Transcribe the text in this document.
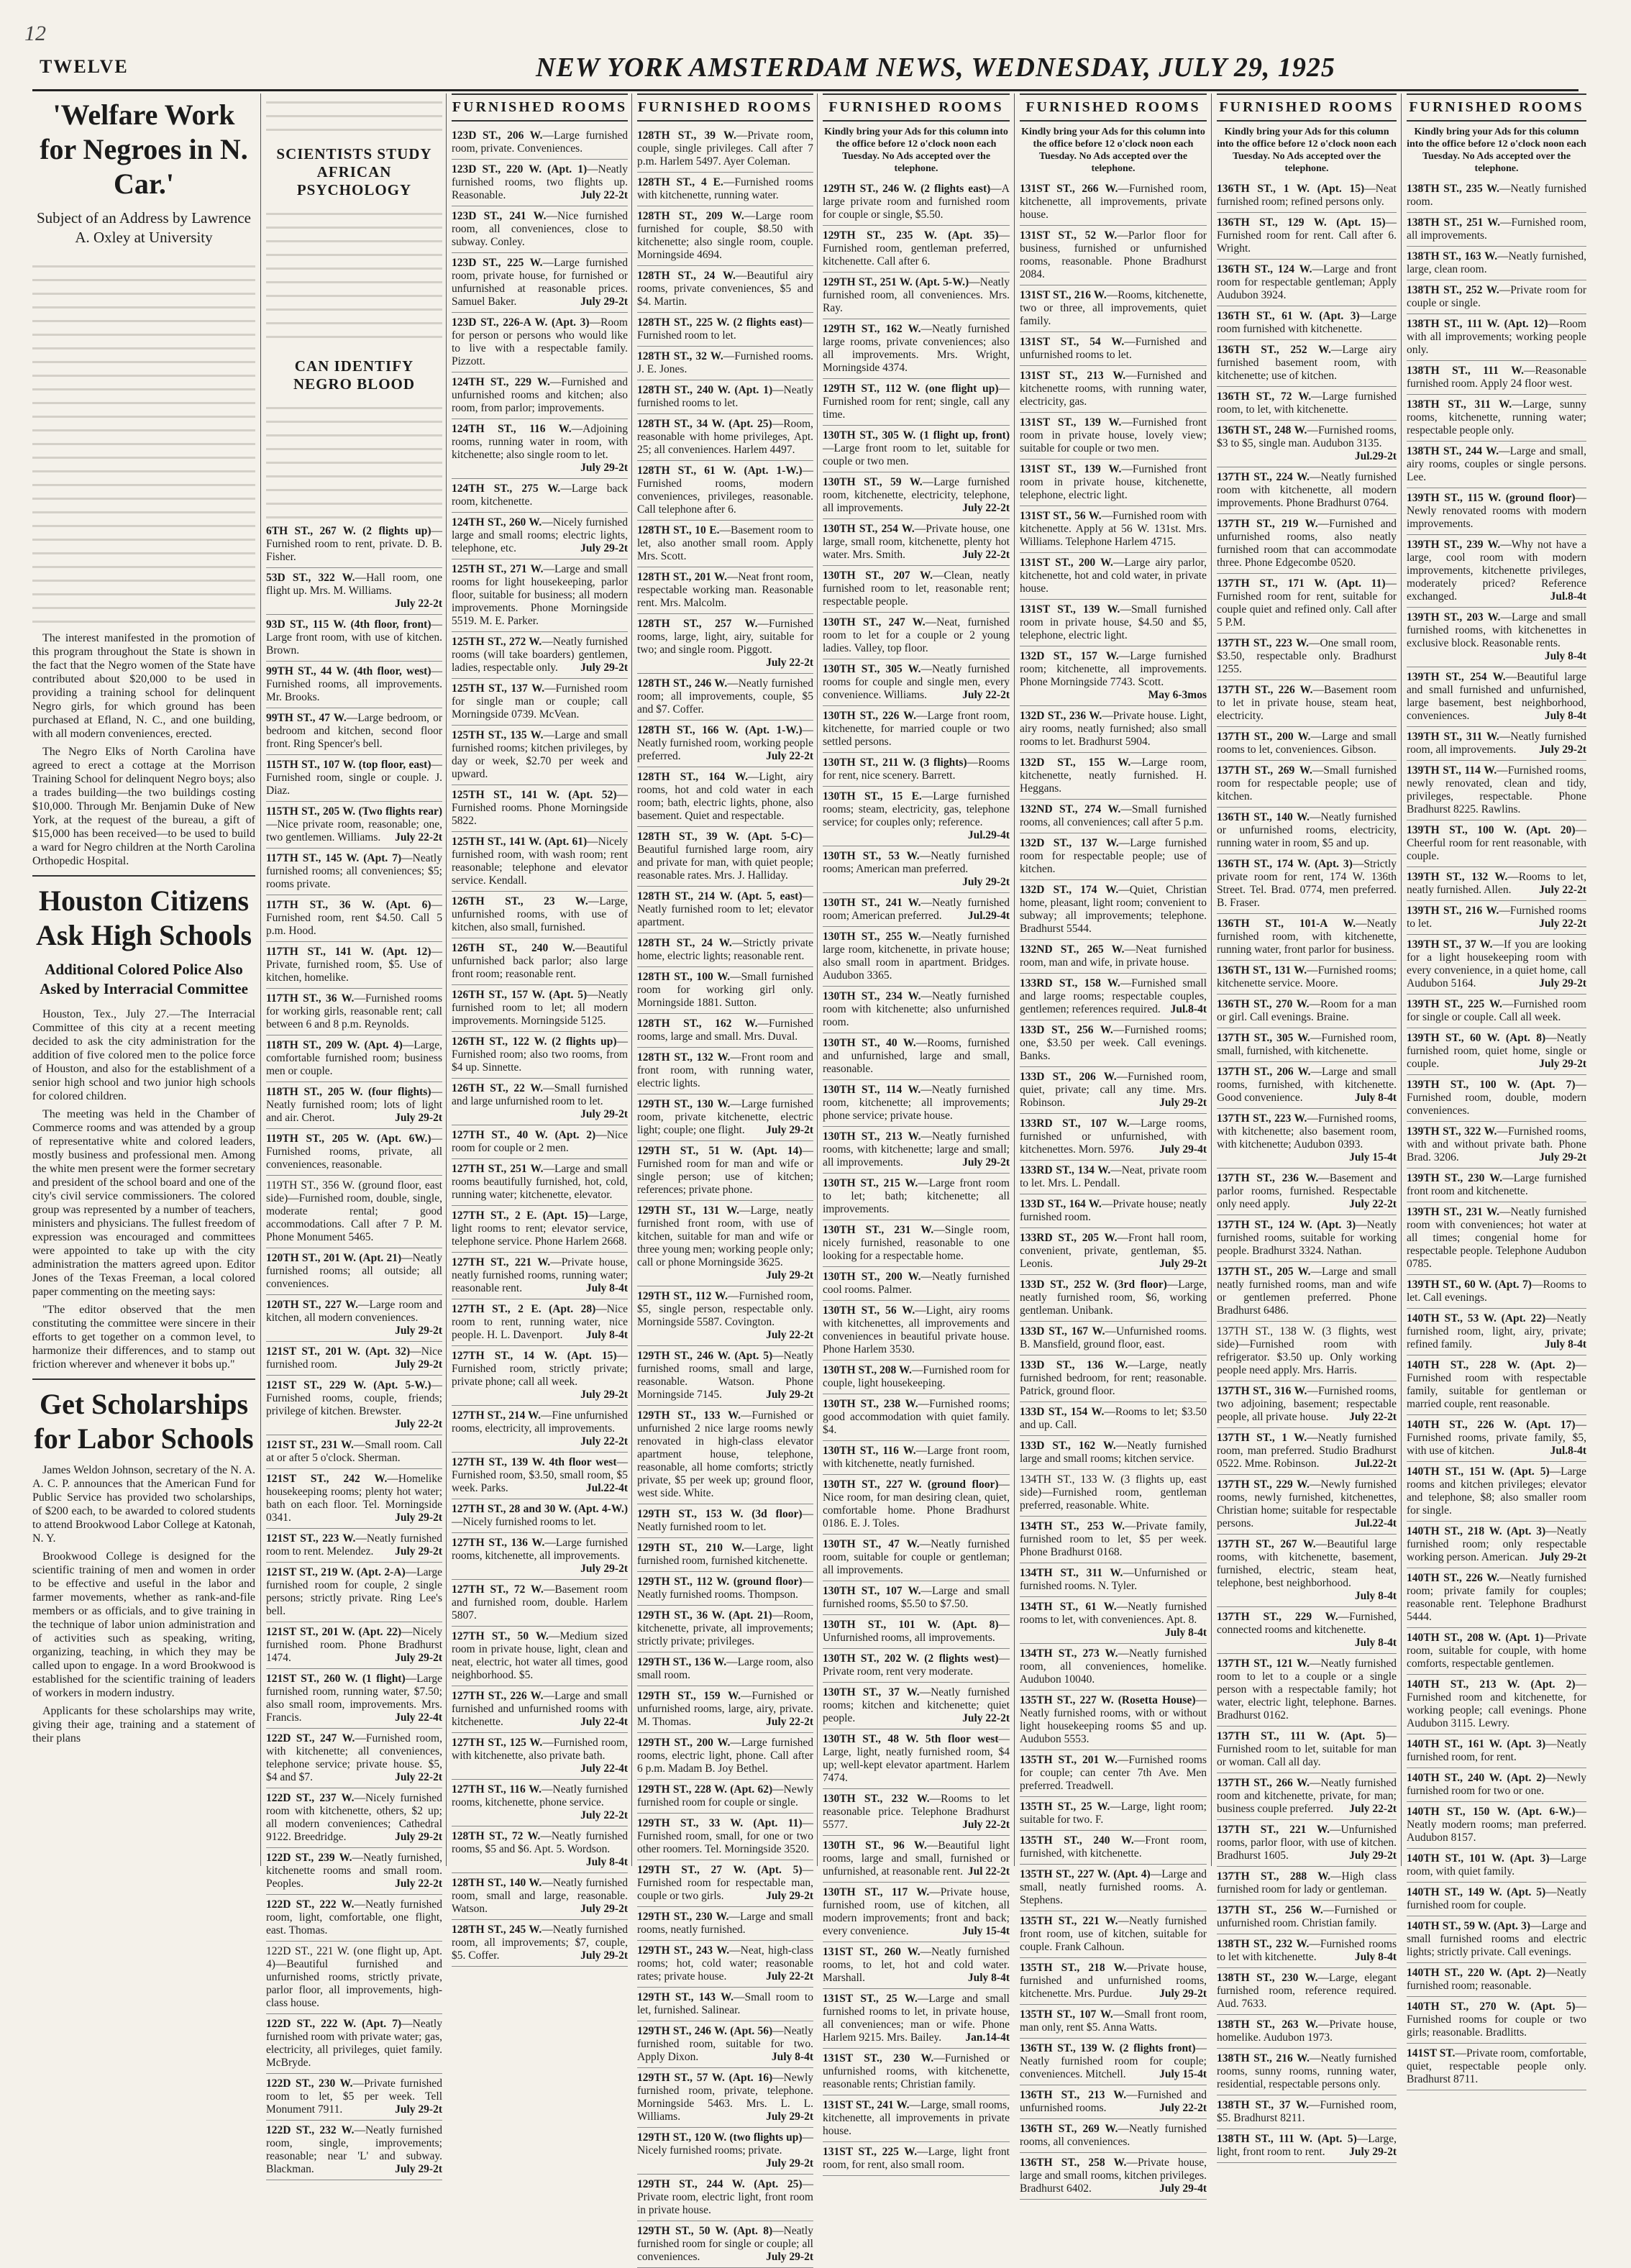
12
TWELVE	NEW YORK AMSTERDAM NEWS, WEDNESDAY, JULY 29, 1925
'Welfare Work for Negroes in N. Car.'
Subject of an Address by Lawrence A. Oxley at University

The interest manifested in the promotion of this program throughout the State is shown in the fact that the Negro women of the State have contributed about $20,000 to be used in providing a training school for delinquent Negro girls, for which ground has been purchased at Efland, N. C., and one building, with all modern conveniences, erected.

The Negro Elks of North Carolina have agreed to erect a cottage at the Morrison Training School for delinquent Negro boys; also a trades building—the two buildings costing $10,000. Through Mr. Benjamin Duke of New York, at the request of the bureau, a gift of $15,000 has been received—to be used to build a ward for Negro children at the North Carolina Orthopedic Hospital.

Houston Citizens Ask High Schools
Additional Colored Police Also Asked by Interracial Committee

Houston, Tex., July 27.—The Interracial Committee of this city at a recent meeting decided to ask the city administration for the addition of five colored men to the police force of Houston, and also for the establishment of a senior high school and two junior high schools for colored children.

The meeting was held in the Chamber of Commerce rooms and was attended by a group of representative white and colored leaders, mostly business and professional men. Among the white men present were the former secretary and president of the school board and one of the city's civil service commissioners. The colored group was represented by a number of teachers, ministers and physicians. The fullest freedom of expression was encouraged and committees were appointed to take up with the city administration the matters agreed upon. Editor Jones of the Texas Freeman, a local colored paper commenting on the meeting says:

"The editor observed that the men constituting the committee were sincere in their efforts to get together on a common level, to harmonize their differences, and to stamp out friction wherever and whenever it bobs up."

Get Scholarships for Labor Schools

James Weldon Johnson, secretary of the N. A. A. C. P. announces that the American Fund for Public Service has provided two scholarships, of $200 each, to be awarded to colored students to attend Brookwood Labor College at Katonah, N. Y.

Brookwood College is designed for the scientific training of men and women in order to be effective and useful in the labor and farmer movements, whether as rank-and-file members or as officials, and to give training in the technique of labor union administration and of activities such as speaking, writing, organizing, teaching, in which they may be called upon to engage. In a word Brookwood is established for the scientific training of leaders of workers in modern industry.

Applicants for these scholarships may write, giving their age, training and a statement of their plans

SCIENTISTS STUDY AFRICAN PSYCHOLOGY
CAN IDENTIFY NEGRO BLOOD
6TH ST., 267 W. (2 flights up)—Furnished room to rent, private. D. B. Fisher.
53D ST., 322 W.—Hall room, one flight up. Mrs. M. Williams.
July 22-2t
93D ST., 115 W. (4th floor, front)—Large front room, with use of kitchen. Brown.
99TH ST., 44 W. (4th floor, west)—Furnished rooms, all improvements. Mr. Brooks.
99TH ST., 47 W.—Large bedroom, or bedroom and kitchen, second floor front. Ring Spencer's bell.
115TH ST., 107 W. (top floor, east)—Furnished room, single or couple. J. Diaz.
115TH ST., 205 W. (Two flights rear)—Nice private room, reasonable; one, two gentlemen. Williams. July 22-2t
117TH ST., 145 W. (Apt. 7)—Neatly furnished rooms; all conveniences; $5; rooms private.
117TH ST., 36 W. (Apt. 6)—Furnished room, rent $4.50. Call 5 p.m. Hood.
117TH ST., 141 W. (Apt. 12)—Private, furnished room, $5. Use of kitchen, homelike.
117TH ST., 36 W.—Furnished rooms for working girls, reasonable rent; call between 6 and 8 p.m. Reynolds.
118TH ST., 209 W. (Apt. 4)—Large, comfortable furnished room; business men or couple.
118TH ST., 205 W. (four flights)—Neatly furnished room; lots of light and air. Cherot.	July 29-2t
119TH ST., 205 W. (Apt. 6W.)—Furnished rooms, private, all conveniences, reasonable.
119TH ST., 356 W. (ground floor, east side)—Furnished room, double, single, moderate rental; good accommodations. Call after 7 P. M. Phone Monument 5465.
120TH ST., 201 W. (Apt. 21)—Neatly furnished rooms; all outside; all conveniences.
120TH ST., 227 W.—Large room and kitchen, all modern conveniences.
July 29-2t
121ST ST., 201 W. (Apt. 32)—Nice furnished room.	July 29-2t
121ST ST., 229 W. (Apt. 5-W.)—Furnished rooms, couple, friends; privilege of kitchen. Brewster.
July 22-2t
121ST ST., 231 W.—Small room. Call at or after 5 o'clock. Sherman.
121ST ST., 242 W.—Homelike housekeeping rooms; plenty hot water; bath on each floor. Tel. Morningside 0341.	July 29-2t
121ST ST., 223 W.—Neatly furnished room to rent. Melendez. July 29-2t
121ST ST., 219 W. (Apt. 2-A)—Large furnished room for couple, 2 single persons; strictly private. Ring Lee's bell.
121ST ST., 201 W. (Apt. 22)—Nicely furnished room. Phone Bradhurst 1474.	July 29-2t
121ST ST., 260 W. (1 flight)—Large furnished room, running water, $7.50; also small room, improvements. Mrs. Francis.	July 22-4t
122D ST., 247 W.—Furnished room, with kitchenette; all conveniences, telephone service; private house. $5, $4 and $7.	July 22-2t
122D ST., 237 W.—Nicely furnished room with kitchenette, others, $2 up; all modern conveniences; Cathedral 9122. Breedridge.	July 29-2t
122D ST., 239 W.—Neatly furnished, kitchenette rooms and small room. Peoples.	July 22-2t
122D ST., 222 W.—Neatly furnished room, light, comfortable, one flight, east. Thomas.
122D ST., 221 W. (one flight up, Apt. 4)—Beautiful furnished and unfurnished rooms, strictly private, parlor floor, all improvements, high-class house.
122D ST., 222 W. (Apt. 7)—Neatly furnished room with private water; gas, electricity, all privileges, quiet family. McBryde.
122D ST., 230 W.—Private furnished room to let, $5 per week. Tell Monument 7911.	July 29-2t
122D ST., 232 W.—Neatly furnished room, single, improvements; reasonable; near 'L' and subway. Blackman.	July 29-2t
FURNISHED ROOMS
123D ST., 206 W.—Large furnished room, private. Conveniences.
123D ST., 220 W. (Apt. 1)—Neatly furnished rooms, two flights up. Reasonable.	July 22-2t
123D ST., 241 W.—Nice furnished room, all conveniences, close to subway. Conley.
123D ST., 225 W.—Large furnished room, private house, for furnished or unfurnished at reasonable prices. Samuel Baker.	July 29-2t
123D ST., 226-A W. (Apt. 3)—Room for person or persons who would like to live with a respectable family. Pizzott.
124TH ST., 229 W.—Furnished and unfurnished rooms and kitchen; also room, from parlor; improvements.
124TH ST., 116 W.—Adjoining rooms, running water in room, with kitchenette; also single room to let.
July 29-2t
124TH ST., 275 W.—Large back room, kitchenette.
124TH ST., 260 W.—Nicely furnished large and small rooms; electric lights, telephone, etc.	July 29-2t
125TH ST., 271 W.—Large and small rooms for light housekeeping, parlor floor, suitable for business; all modern improvements. Phone Morningside 5519. M. E. Parker.
125TH ST., 272 W.—Neatly furnished rooms (will take boarders) gentlemen, ladies, respectable only. July 29-2t
125TH ST., 137 W.—Furnished room for single man or couple; call Morningside 0739. McVean.
125TH ST., 135 W.—Large and small furnished rooms; kitchen privileges, by day or week, $2.70 per week and upward.
125TH ST., 141 W. (Apt. 52)—Furnished rooms. Phone Morningside 5822.
125TH ST., 141 W. (Apt. 61)—Nicely furnished room, with wash room; rent reasonable; telephone and elevator service. Kendall.
126TH ST., 23 W.—Large, unfurnished rooms, with use of kitchen, also small, furnished.
126TH ST., 240 W.—Beautiful unfurnished back parlor; also large front room; reasonable rent.
126TH ST., 157 W. (Apt. 5)—Neatly furnished room to let; all modern improvements. Morningside 5125.
126TH ST., 122 W. (2 flights up)—Furnished room; also two rooms, from $4 up. Sinnette.
126TH ST., 22 W.—Small furnished and large unfurnished room to let.
July 29-2t
127TH ST., 40 W. (Apt. 2)—Nice room for couple or 2 men.
127TH ST., 251 W.—Large and small rooms beautifully furnished, hot, cold, running water; kitchenette, elevator.
127TH ST., 2 E. (Apt. 15)—Large, light rooms to rent; elevator service, telephone service. Phone Harlem 2668.
127TH ST., 221 W.—Private house, neatly furnished rooms, running water; reasonable rent.	July 8-4t
127TH ST., 2 E. (Apt. 28)—Nice room to rent, running water, nice people. H. L. Davenport. July 8-4t
127TH ST., 14 W. (Apt. 15)—Furnished room, strictly private; private phone; call all week.
July 29-2t
127TH ST., 214 W.—Fine unfurnished rooms, electricity, all improvements.
July 22-2t
127TH ST., 139 W. 4th floor west—Furnished room, $3.50, small room, $5 week. Parks.	Jul.22-4t
127TH ST., 28 and 30 W. (Apt. 4-W.)—Nicely furnished rooms to let.
127TH ST., 136 W.—Large furnished rooms, kitchenette, all improvements.
July 29-2t
127TH ST., 72 W.—Basement room and furnished room, double. Harlem 5807.
127TH ST., 50 W.—Medium sized room in private house, light, clean and neat, electric, hot water all times, good neighborhood. $5.
127TH ST., 226 W.—Large and small furnished and unfurnished rooms with kitchenette.	July 22-4t
127TH ST., 125 W.—Furnished room, with kitchenette, also private bath.
July 22-4t
127TH ST., 116 W.—Neatly furnished rooms, kitchenette, phone service.
July 22-2t
128TH ST., 72 W.—Neatly furnished rooms, $5 and $6. Apt. 5. Wordson.
July 8-4t
128TH ST., 140 W.—Neatly furnished room, small and large, reasonable. Watson.	July 29-2t
128TH ST., 245 W.—Neatly furnished room, all improvements; $7, couple, $5. Coffer.	July 29-2t
FURNISHED ROOMS
128TH ST., 39 W.—Private room, couple, single privileges. Call after 7 p.m. Harlem 5497. Ayer Coleman.
128TH ST., 4 E.—Furnished rooms with kitchenette, running water.
128TH ST., 209 W.—Large room furnished for couple, $8.50 with kitchenette; also single room, couple. Morningside 4694.
128TH ST., 24 W.—Beautiful airy rooms, private conveniences, $5 and $4. Martin.
128TH ST., 225 W. (2 flights east)—Furnished room to let.
128TH ST., 32 W.—Furnished rooms. J. E. Jones.
128TH ST., 240 W. (Apt. 1)—Neatly furnished rooms to let.
128TH ST., 34 W. (Apt. 25)—Room, reasonable with home privileges, Apt. 25; all conveniences. Harlem 4497.
128TH ST., 61 W. (Apt. 1-W.)—Furnished rooms, modern conveniences, privileges, reasonable. Call telephone after 6.
128TH ST., 10 E.—Basement room to let, also another small room. Apply Mrs. Scott.
128TH ST., 201 W.—Neat front room, respectable working man. Reasonable rent. Mrs. Malcolm.
128TH ST., 257 W.—Furnished rooms, large, light, airy, suitable for two; and single room. Piggott.
July 22-2t
128TH ST., 246 W.—Neatly furnished room; all improvements, couple, $5 and $7. Coffer.
128TH ST., 166 W. (Apt. 1-W.)—Neatly furnished room, working people preferred.	July 22-2t
128TH ST., 164 W.—Light, airy rooms, hot and cold water in each room; bath, electric lights, phone, also basement. Quiet and respectable.
128TH ST., 39 W. (Apt. 5-C)—Beautiful furnished large room, airy and private for man, with quiet people; reasonable rates. Mrs. J. Halliday.
128TH ST., 214 W. (Apt. 5, east)—Neatly furnished room to let; elevator apartment.
128TH ST., 24 W.—Strictly private home, electric lights; reasonable rent.
128TH ST., 100 W.—Small furnished room for working girl only. Morningside 1881. Sutton.
128TH ST., 162 W.—Furnished rooms, large and small. Mrs. Duval.
128TH ST., 132 W.—Front room and front room, with running water, electric lights.
129TH ST., 130 W.—Large furnished room, private kitchenette, electric light; couple; one flight. July 29-2t
129TH ST., 51 W. (Apt. 14)—Furnished room for man and wife or single person; use of kitchen; references; private phone.
129TH ST., 131 W.—Large, neatly furnished front room, with use of kitchen, suitable for man and wife or three young men; working people only; call or phone Morningside 3625.
July 29-2t
129TH ST., 112 W.—Furnished room, $5, single person, respectable only. Morningside 5587. Covington.
July 22-2t
129TH ST., 246 W. (Apt. 5)—Neatly furnished rooms, small and large, reasonable. Watson. Phone Morningside 7145.	July 29-2t
129TH ST., 133 W.—Furnished or unfurnished 2 nice large rooms newly renovated in high-class elevator apartment house, telephone, reasonable, all home comforts; strictly private, $5 per week up; ground floor, west side. White.
129TH ST., 153 W. (3d floor)—Neatly furnished room to let.
129TH ST., 210 W.—Large, light furnished room, furnished kitchenette.
129TH ST., 112 W. (ground floor)—Neatly furnished rooms. Thompson.
129TH ST., 36 W. (Apt. 21)—Room, kitchenette, private, all improvements; strictly private; privileges.
129TH ST., 136 W.—Large room, also small room.
129TH ST., 159 W.—Furnished or unfurnished rooms, large, airy, private. M. Thomas.	July 22-2t
129TH ST., 200 W.—Large furnished rooms, electric light, phone. Call after 6 p.m. Madam B. Joy Bethel.
129TH ST., 228 W. (Apt. 62)—Newly furnished room for couple or single.
129TH ST., 33 W. (Apt. 11)—Furnished room, small, for one or two other roomers. Tel. Morningside 3520.
129TH ST., 27 W. (Apt. 5)—Furnished room for respectable man, couple or two girls.	July 29-2t
129TH ST., 230 W.—Large and small rooms, neatly furnished.
129TH ST., 243 W.—Neat, high-class rooms; hot, cold water; reasonable rates; private house.	July 22-2t
129TH ST., 143 W.—Small room to let, furnished. Salinear.
129TH ST., 246 W. (Apt. 56)—Neatly furnished room, suitable for two. Apply Dixon.	July 8-4t
129TH ST., 57 W. (Apt. 16)—Newly furnished room, private, telephone. Morningside 5463. Mrs. L. L. Williams.	July 29-2t
129TH ST., 120 W. (two flights up)—Nicely furnished rooms; private.
July 29-2t
129TH ST., 244 W. (Apt. 25)—Private room, electric light, front room in private house.
129TH ST., 50 W. (Apt. 8)—Neatly furnished room for single or couple; all conveniences.	July 29-2t
FURNISHED ROOMS
Kindly bring your Ads for this column into the office before 12 o'clock noon each Tuesday. No Ads accepted over the telephone.
129TH ST., 246 W. (2 flights east)—A large private room and furnished room for couple or single, $5.50.
129TH ST., 235 W. (Apt. 35)—Furnished room, gentleman preferred, kitchenette. Call after 6.
129TH ST., 251 W. (Apt. 5-W.)—Neatly furnished room, all conveniences. Mrs. Ray.
129TH ST., 162 W.—Neatly furnished large rooms, private conveniences; also all improvements. Mrs. Wright, Morningside 4374.
129TH ST., 112 W. (one flight up)—Furnished room for rent; single, call any time.
130TH ST., 305 W. (1 flight up, front)—Large front room to let, suitable for couple or two men.
130TH ST., 59 W.—Large furnished room, kitchenette, electricity, telephone, all improvements.	July 22-2t
130TH ST., 254 W.—Private house, one large, small room, kitchenette, plenty hot water. Mrs. Smith.	July 22-2t
130TH ST., 207 W.—Clean, neatly furnished room to let, reasonable rent; respectable people.
130TH ST., 247 W.—Neat, furnished room to let for a couple or 2 young ladies. Valley, top floor.
130TH ST., 305 W.—Neatly furnished rooms for couple and single men, every convenience. Williams.	July 22-2t
130TH ST., 226 W.—Large front room, kitchenette, for married couple or two settled persons.
130TH ST., 211 W. (3 flights)—Rooms for rent, nice scenery. Barrett.
130TH ST., 15 E.—Large furnished rooms; steam, electricity, gas, telephone service; for couples only; reference.
Jul.29-4t
130TH ST., 53 W.—Neatly furnished rooms; American man preferred.
July 29-2t
130TH ST., 241 W.—Neatly furnished room; American preferred. Jul.29-4t
130TH ST., 255 W.—Neatly furnished large room, kitchenette, in private house; also small room in apartment. Bridges. Audubon 3365.
130TH ST., 234 W.—Neatly furnished room with kitchenette; also unfurnished room.
130TH ST., 40 W.—Rooms, furnished and unfurnished, large and small, reasonable.
130TH ST., 114 W.—Neatly furnished room, kitchenette; all improvements; phone service; private house.
130TH ST., 213 W.—Neatly furnished rooms, with kitchenette; large and small; all improvements.	July 29-2t
130TH ST., 215 W.—Large front room to let; bath; kitchenette; all improvements.
130TH ST., 231 W.—Single room, nicely furnished, reasonable to one looking for a respectable home.
130TH ST., 200 W.—Neatly furnished cool rooms. Palmer.
130TH ST., 56 W.—Light, airy rooms with kitchenettes, all improvements and conveniences in beautiful private house. Phone Harlem 3530.
130TH ST., 208 W.—Furnished room for couple, light housekeeping.
130TH ST., 238 W.—Furnished rooms; good accommodation with quiet family. $4.
130TH ST., 116 W.—Large front room, with kitchenette, neatly furnished.
130TH ST., 227 W. (ground floor)—Nice room, for man desiring clean, quiet, comfortable home. Phone Bradhurst 0186. E. J. Toles.
130TH ST., 47 W.—Neatly furnished room, suitable for couple or gentleman; all improvements.
130TH ST., 107 W.—Large and small furnished rooms, $5.50 to $7.50.
130TH ST., 101 W. (Apt. 8)—Unfurnished rooms, all improvements.
130TH ST., 202 W. (2 flights west)—Private room, rent very moderate.
130TH ST., 37 W.—Neatly furnished rooms; kitchen and kitchenette; quiet people.	July 22-2t
130TH ST., 48 W. 5th floor west—Large, light, neatly furnished room, $4 up; well-kept elevator apartment. Harlem 7474.
130TH ST., 232 W.—Rooms to let reasonable price. Telephone Bradhurst 5577.	July 22-2t
130TH ST., 96 W.—Beautiful light rooms, large and small, furnished or unfurnished, at reasonable rent. Jul 22-2t
130TH ST., 117 W.—Private house, furnished room, use of kitchen, all modern improvements; front and back; every convenience.	July 15-4t
131ST ST., 260 W.—Neatly furnished rooms, to let, hot and cold water. Marshall.	July 8-4t
131ST ST., 25 W.—Large and small furnished rooms to let, in private house, all conveniences; man or wife. Phone Harlem 9215. Mrs. Bailey. Jan.14-4t
131ST ST., 230 W.—Furnished or unfurnished rooms, with kitchenette, reasonable rents; Christian family.
131ST ST., 241 W.—Large, small rooms, kitchenette, all improvements in private house.
131ST ST., 225 W.—Large, light front room, for rent, also small room.
FURNISHED ROOMS
Kindly bring your Ads for this column into the office before 12 o'clock noon each Tuesday. No Ads accepted over the telephone.
131ST ST., 266 W.—Furnished room, kitchenette, all improvements, private house.
131ST ST., 52 W.—Parlor floor for business, furnished or unfurnished rooms, reasonable. Phone Bradhurst 2084.
131ST ST., 216 W.—Rooms, kitchenette, two or three, all improvements, quiet family.
131ST ST., 54 W.—Furnished and unfurnished rooms to let.
131ST ST., 213 W.—Furnished and kitchenette rooms, with running water, electricity, gas.
131ST ST., 139 W.—Furnished front room in private house, lovely view; suitable for couple or two men.
131ST ST., 139 W.—Furnished front room in private house, kitchenette, telephone, electric light.
131ST ST., 56 W.—Furnished room with kitchenette. Apply at 56 W. 131st. Mrs. Williams. Telephone Harlem 4715.
131ST ST., 200 W.—Large airy parlor, kitchenette, hot and cold water, in private house.
131ST ST., 139 W.—Small furnished room in private house, $4.50 and $5, telephone, electric light.
132D ST., 157 W.—Large furnished room; kitchenette, all improvements. Phone Morningside 7743. Scott.
May 6-3mos
132D ST., 236 W.—Private house. Light, airy rooms, neatly furnished; also small rooms to let. Bradhurst 5904.
132D ST., 155 W.—Large room, kitchenette, neatly furnished. H. Heggans.
132ND ST., 274 W.—Small furnished rooms, all conveniences; call after 5 p.m.
132D ST., 137 W.—Large furnished room for respectable people; use of kitchen.
132D ST., 174 W.—Quiet, Christian home, pleasant, light room; convenient to subway; all improvements; telephone. Bradhurst 5544.
132ND ST., 265 W.—Neat furnished room, man and wife, in private house.
133RD ST., 158 W.—Furnished small and large rooms; respectable couples, gentlemen; references required. Jul.8-4t
133D ST., 256 W.—Furnished rooms; one, $3.50 per week. Call evenings. Banks.
133D ST., 206 W.—Furnished room, quiet, private; call any time. Mrs. Robinson.	July 29-2t
133RD ST., 107 W.—Large rooms, furnished or unfurnished, with kitchenettes. Morn. 5976. July 29-4t
133RD ST., 134 W.—Neat, private room to let. Mrs. L. Pendall.
133D ST., 164 W.—Private house; neatly furnished room.
133RD ST., 205 W.—Front hall room, convenient, private, gentleman, $5. Leonis.	July 29-2t
133D ST., 252 W. (3rd floor)—Large, neatly furnished room, $6, working gentleman. Unibank.
133D ST., 167 W.—Unfurnished rooms. B. Mansfield, ground floor, east.
133D ST., 136 W.—Large, neatly furnished bedroom, for rent; reasonable. Patrick, ground floor.
133D ST., 154 W.—Rooms to let; $3.50 and up. Call.
133D ST., 162 W.—Neatly furnished large and small rooms; kitchen service.
134TH ST., 133 W. (3 flights up, east side)—Furnished room, gentleman preferred, reasonable. White.
134TH ST., 253 W.—Private family, furnished room to let, $5 per week. Phone Bradhurst 0168.
134TH ST., 311 W.—Unfurnished or furnished rooms. N. Tyler.
134TH ST., 61 W.—Neatly furnished rooms to let, with conveniences. Apt. 8.
July 8-4t
134TH ST., 273 W.—Neatly furnished room, all conveniences, homelike. Audubon 10040.
135TH ST., 227 W. (Rosetta House)—Neatly furnished rooms, with or without light housekeeping rooms $5 and up. Audubon 5553.
135TH ST., 201 W.—Furnished rooms for couple; can center 7th Ave. Men preferred. Treadwell.
135TH ST., 25 W.—Large, light room; suitable for two. F.
135TH ST., 240 W.—Front room, furnished, with kitchenette.
135TH ST., 227 W. (Apt. 4)—Large and small, neatly furnished rooms. A. Stephens.
135TH ST., 221 W.—Neatly furnished front room, use of kitchen, suitable for couple. Frank Calhoun.
135TH ST., 218 W.—Private house, furnished and unfurnished rooms, kitchenette. Mrs. Purdue. July 29-2t
135TH ST., 107 W.—Small front room, man only, rent $5. Anna Watts.
136TH ST., 139 W. (2 flights front)—Neatly furnished room for couple; conveniences. Mitchell.	July 15-4t
136TH ST., 213 W.—Furnished and unfurnished rooms.	July 22-2t
136TH ST., 269 W.—Neatly furnished rooms, all conveniences.
136TH ST., 258 W.—Private house, large and small rooms, kitchen privileges. Bradhurst 6402.	July 29-4t
FURNISHED ROOMS
Kindly bring your Ads for this column into the office before 12 o'clock noon each Tuesday. No Ads accepted over the telephone.
136TH ST., 1 W. (Apt. 15)—Neat furnished room; refined persons only.
136TH ST., 129 W. (Apt. 15)—Furnished room for rent. Call after 6. Wright.
136TH ST., 124 W.—Large and front room for respectable gentleman; Apply Audubon 3924.
136TH ST., 61 W. (Apt. 3)—Large room furnished with kitchenette.
136TH ST., 252 W.—Large airy furnished basement room, with kitchenette; use of kitchen.
136TH ST., 72 W.—Large furnished room, to let, with kitchenette.
136TH ST., 248 W.—Furnished rooms, $3 to $5, single man. Audubon 3135.
Jul.29-2t
137TH ST., 224 W.—Neatly furnished room with kitchenette, all modern improvements. Phone Bradhurst 0764.
137TH ST., 219 W.—Furnished and unfurnished rooms, also neatly furnished room that can accommodate three. Phone Edgecombe 0520.
137TH ST., 171 W. (Apt. 11)—Furnished room for rent, suitable for couple quiet and refined only. Call after 5 P.M.
137TH ST., 223 W.—One small room, $3.50, respectable only. Bradhurst 1255.
137TH ST., 226 W.—Basement room to let in private house, steam heat, electricity.
137TH ST., 200 W.—Large and small rooms to let, conveniences. Gibson.
137TH ST., 269 W.—Small furnished room for respectable people; use of kitchen.
136TH ST., 140 W.—Neatly furnished or unfurnished rooms, electricity, running water in room, $5 and up.
136TH ST., 174 W. (Apt. 3)—Strictly private room for rent, 174 W. 136th Street. Tel. Brad. 0774, men preferred. B. Fraser.
136TH ST., 101-A W.—Neatly furnished room, with kitchenette, running water, front parlor for business.
136TH ST., 131 W.—Furnished rooms; kitchenette service. Moore.
136TH ST., 270 W.—Room for a man or girl. Call evenings. Braine.
137TH ST., 305 W.—Furnished room, small, furnished, with kitchenette.
137TH ST., 206 W.—Large and small rooms, furnished, with kitchenette. Good convenience.	July 8-4t
137TH ST., 223 W.—Furnished rooms, with kitchenette; also basement room, with kitchenette; Audubon 0393.
July 15-4t
137TH ST., 236 W.—Basement and parlor rooms, furnished. Respectable only need apply.	July 22-2t
137TH ST., 124 W. (Apt. 3)—Neatly furnished rooms, suitable for working people. Bradhurst 3324. Nathan.
137TH ST., 205 W.—Large and small neatly furnished rooms, man and wife or gentlemen preferred. Phone Bradhurst 6486.
137TH ST., 138 W. (3 flights, west side)—Furnished room with refrigerator. $3.50 up. Only working people need apply. Mrs. Harris.
137TH ST., 316 W.—Furnished rooms, two adjoining, basement; respectable people, all private house. July 22-2t
137TH ST., 1 W.—Neatly furnished room, man preferred. Studio Bradhurst 0522. Mme. Robinson.	Jul.22-2t
137TH ST., 229 W.—Newly furnished rooms, newly furnished, kitchenettes, Christian home; suitable for respectable persons.	Jul.22-4t
137TH ST., 267 W.—Beautiful large rooms, with kitchenette, basement, furnished, electric, steam heat, telephone, best neighborhood.
July 8-4t
137TH ST., 229 W.—Furnished, connected rooms and kitchenette.
July 8-4t
137TH ST., 121 W.—Neatly furnished room to let to a couple or a single person with a respectable family; hot water, electric light, telephone. Barnes. Bradhurst 0162.
137TH ST., 111 W. (Apt. 5)—Furnished room to let, suitable for man or woman. Call all day.
137TH ST., 266 W.—Neatly furnished room and kitchenette, private, for man; business couple preferred. July 22-2t
137TH ST., 221 W.—Unfurnished rooms, parlor floor, with use of kitchen. Bradhurst 1605.	July 29-2t
137TH ST., 288 W.—High class furnished room for lady or gentleman.
137TH ST., 256 W.—Furnished or unfurnished room. Christian family.
138TH ST., 232 W.—Furnished rooms to let with kitchenette.	July 8-4t
138TH ST., 230 W.—Large, elegant furnished room, reference required. Aud. 7633.
138TH ST., 263 W.—Private house, homelike. Audubon 1973.
138TH ST., 216 W.—Neatly furnished rooms, sunny rooms, running water, residential, respectable persons only.
138TH ST., 37 W.—Furnished room, $5. Bradhurst 8211.
138TH ST., 111 W. (Apt. 5)—Large, light, front room to rent. July 29-2t
FURNISHED ROOMS
Kindly bring your Ads for this column into the office before 12 o'clock noon each Tuesday. No Ads accepted over the telephone.
138TH ST., 235 W.—Neatly furnished room.
138TH ST., 251 W.—Furnished room, all improvements.
138TH ST., 163 W.—Neatly furnished, large, clean room.
138TH ST., 252 W.—Private room for couple or single.
138TH ST., 111 W. (Apt. 12)—Room with all improvements; working people only.
138TH ST., 111 W.—Reasonable furnished room. Apply 24 floor west.
138TH ST., 311 W.—Large, sunny rooms, kitchenette, running water; respectable people only.
138TH ST., 244 W.—Large and small, airy rooms, couples or single persons. Lee.
139TH ST., 115 W. (ground floor)—Newly renovated rooms with modern improvements.
139TH ST., 239 W.—Why not have a large, cool room with modern improvements, kitchenette privileges, moderately priced? Reference exchanged.	Jul.8-4t
139TH ST., 203 W.—Large and small furnished rooms, with kitchenettes in exclusive block. Reasonable rents.
July 8-4t
139TH ST., 254 W.—Beautiful large and small furnished and unfurnished, large basement, best neighborhood, conveniences.	July 8-4t
139TH ST., 311 W.—Neatly furnished room, all improvements. July 29-2t
139TH ST., 114 W.—Furnished rooms, newly renovated, clean and tidy, privileges, respectable. Phone Bradhurst 8225. Rawlins.
139TH ST., 100 W. (Apt. 20)—Cheerful room for rent reasonable, with couple.
139TH ST., 132 W.—Rooms to let, neatly furnished. Allen. July 22-2t
139TH ST., 216 W.—Furnished rooms to let.	July 22-2t
139TH ST., 37 W.—If you are looking for a light housekeeping room with every convenience, in a quiet home, call Audubon 5164.	July 29-2t
139TH ST., 225 W.—Furnished room for single or couple. Call all week.
139TH ST., 60 W. (Apt. 8)—Neatly furnished room, quiet home, single or couple.	July 29-2t
139TH ST., 100 W. (Apt. 7)—Furnished room, double, modern conveniences.
139TH ST., 322 W.—Furnished rooms, with and without private bath. Phone Brad. 3206.	July 29-2t
139TH ST., 230 W.—Large furnished front room and kitchenette.
139TH ST., 231 W.—Neatly furnished room with conveniences; hot water at all times; congenial home for respectable people. Telephone Audubon 0785.
139TH ST., 60 W. (Apt. 7)—Rooms to let. Call evenings.
140TH ST., 53 W. (Apt. 22)—Neatly furnished room, light, airy, private; refined family.	July 8-4t
140TH ST., 228 W. (Apt. 2)—Furnished room with respectable family, suitable for gentleman or married couple, rent reasonable.
140TH ST., 226 W. (Apt. 17)—Furnished rooms, private family, $5, with use of kitchen.	Jul.8-4t
140TH ST., 151 W. (Apt. 5)—Large rooms and kitchen privileges; elevator and telephone, $8; also smaller room for single.
140TH ST., 218 W. (Apt. 3)—Neatly furnished room; only respectable working person. American. July 29-2t
140TH ST., 226 W.—Neatly furnished room; private family for couples; reasonable rent. Telephone Bradhurst 5444.
140TH ST., 208 W. (Apt. 1)—Private room, suitable for couple, with home comforts, respectable gentlemen.
140TH ST., 213 W. (Apt. 2)—Furnished room and kitchenette, for working people; call evenings. Phone Audubon 3115. Lewry.
140TH ST., 161 W. (Apt. 3)—Neatly furnished room, for rent.
140TH ST., 240 W. (Apt. 2)—Newly furnished room for two or one.
140TH ST., 150 W. (Apt. 6-W.)—Neatly modern rooms; man preferred. Audubon 8157.
140TH ST., 101 W. (Apt. 3)—Large room, with quiet family.
140TH ST., 149 W. (Apt. 5)—Neatly furnished room for couple.
140TH ST., 59 W. (Apt. 3)—Large and small furnished rooms and electric lights; strictly private. Call evenings.
140TH ST., 220 W. (Apt. 2)—Neatly furnished room; reasonable.
140TH ST., 270 W. (Apt. 5)—Furnished rooms for couple or two girls; reasonable. Bradlitts.
141ST ST.—Private room, comfortable, quiet, respectable people only. Bradhurst 8711.
